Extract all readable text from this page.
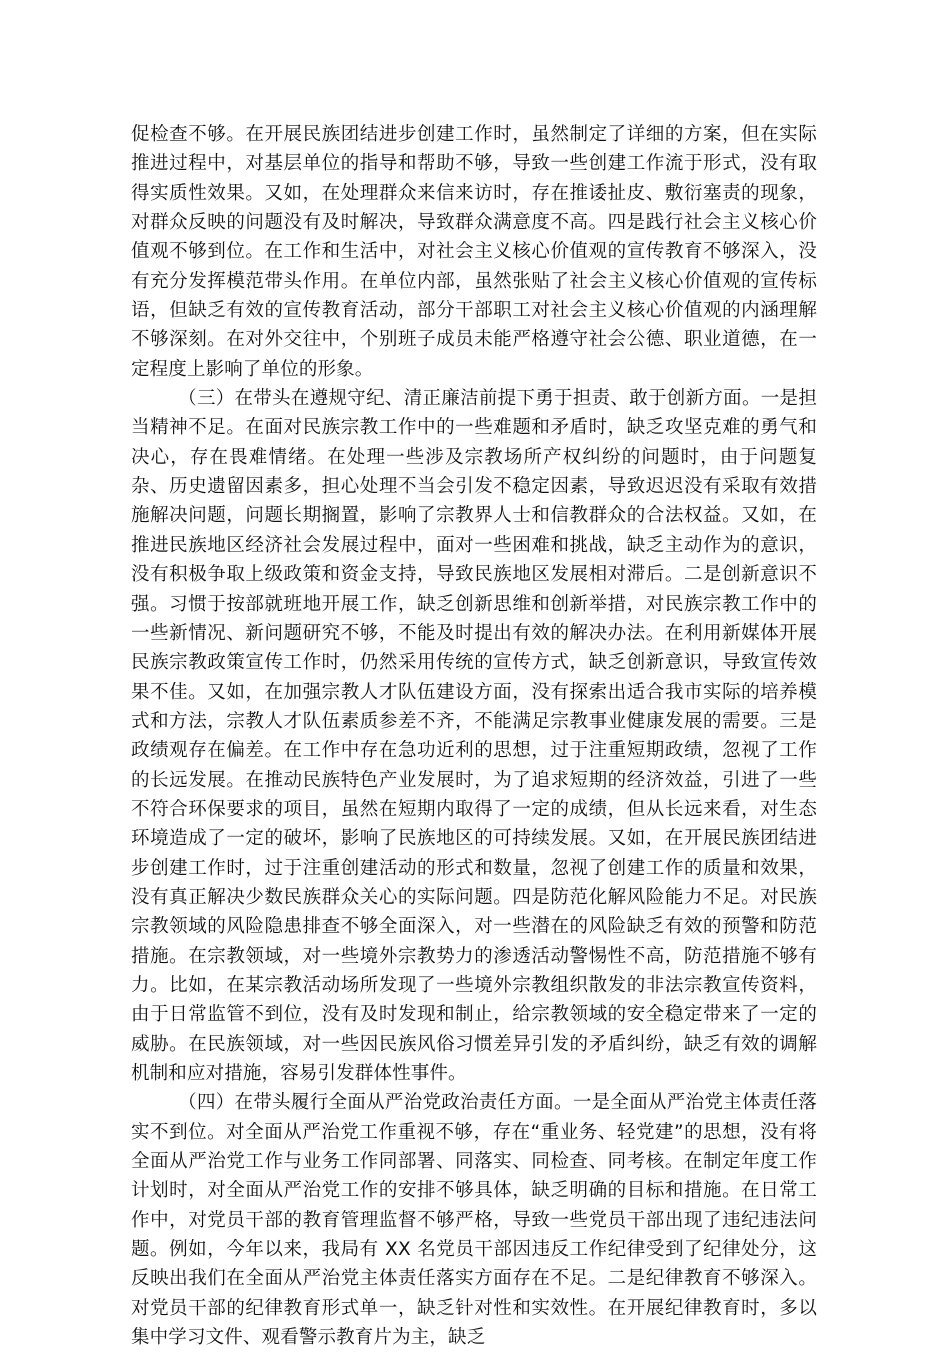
促检查不够。在开展民族团结进步创建工作时，虽然制定了详细的方案，但在实际推进过程中，对基层单位的指导和帮助不够，导致一些创建工作流于形式，没有取得实质性效果。又如，在处理群众来信来访时，存在推诿扯皮、敷衍塞责的现象，对群众反映的问题没有及时解决，导致群众满意度不高。四是践行社会主义核心价值观不够到位。在工作和生活中，对社会主义核心价值观的宣传教育不够深入，没有充分发挥模范带头作用。在单位内部，虽然张贴了社会主义核心价值观的宣传标语，但缺乏有效的宣传教育活动，部分干部职工对社会主义核心价值观的内涵理解不够深刻。在对外交往中，个别班子成员未能严格遵守社会公德、职业道德，在一定程度上影响了单位的形象。

（三）在带头在遵规守纪、清正廉洁前提下勇于担责、敢于创新方面。一是担当精神不足。在面对民族宗教工作中的一些难题和矛盾时，缺乏攻坚克难的勇气和决心，存在畏难情绪。在处理一些涉及宗教场所产权纠纷的问题时，由于问题复杂、历史遗留因素多，担心处理不当会引发不稳定因素，导致迟迟没有采取有效措施解决问题，问题长期搁置，影响了宗教界人士和信教群众的合法权益。又如，在推进民族地区经济社会发展过程中，面对一些困难和挑战，缺乏主动作为的意识，没有积极争取上级政策和资金支持，导致民族地区发展相对滞后。二是创新意识不强。习惯于按部就班地开展工作，缺乏创新思维和创新举措，对民族宗教工作中的一些新情况、新问题研究不够，不能及时提出有效的解决办法。在利用新媒体开展民族宗教政策宣传工作时，仍然采用传统的宣传方式，缺乏创新意识，导致宣传效果不佳。又如，在加强宗教人才队伍建设方面，没有探索出适合我市实际的培养模式和方法，宗教人才队伍素质参差不齐，不能满足宗教事业健康发展的需要。三是政绩观存在偏差。在工作中存在急功近利的思想，过于注重短期政绩，忽视了工作的长远发展。在推动民族特色产业发展时，为了追求短期的经济效益，引进了一些不符合环保要求的项目，虽然在短期内取得了一定的成绩，但从长远来看，对生态环境造成了一定的破坏，影响了民族地区的可持续发展。又如，在开展民族团结进步创建工作时，过于注重创建活动的形式和数量，忽视了创建工作的质量和效果，没有真正解决少数民族群众关心的实际问题。四是防范化解风险能力不足。对民族宗教领域的风险隐患排查不够全面深入，对一些潜在的风险缺乏有效的预警和防范措施。在宗教领域，对一些境外宗教势力的渗透活动警惕性不高，防范措施不够有力。比如，在某宗教活动场所发现了一些境外宗教组织散发的非法宗教宣传资料，由于日常监管不到位，没有及时发现和制止，给宗教领域的安全稳定带来了一定的威胁。在民族领域，对一些因民族风俗习惯差异引发的矛盾纠纷，缺乏有效的调解机制和应对措施，容易引发群体性事件。

（四）在带头履行全面从严治党政治责任方面。一是全面从严治党主体责任落实不到位。对全面从严治党工作重视不够，存在“重业务、轻党建”的思想，没有将全面从严治党工作与业务工作同部署、同落实、同检查、同考核。在制定年度工作计划时，对全面从严治党工作的安排不够具体，缺乏明确的目标和措施。在日常工作中，对党员干部的教育管理监督不够严格，导致一些党员干部出现了违纪违法问题。例如，今年以来，我局有 XX 名党员干部因违反工作纪律受到了纪律处分，这反映出我们在全面从严治党主体责任落实方面存在不足。二是纪律教育不够深入。对党员干部的纪律教育形式单一，缺乏针对性和实效性。在开展纪律教育时，多以集中学习文件、观看警示教育片为主，缺乏
